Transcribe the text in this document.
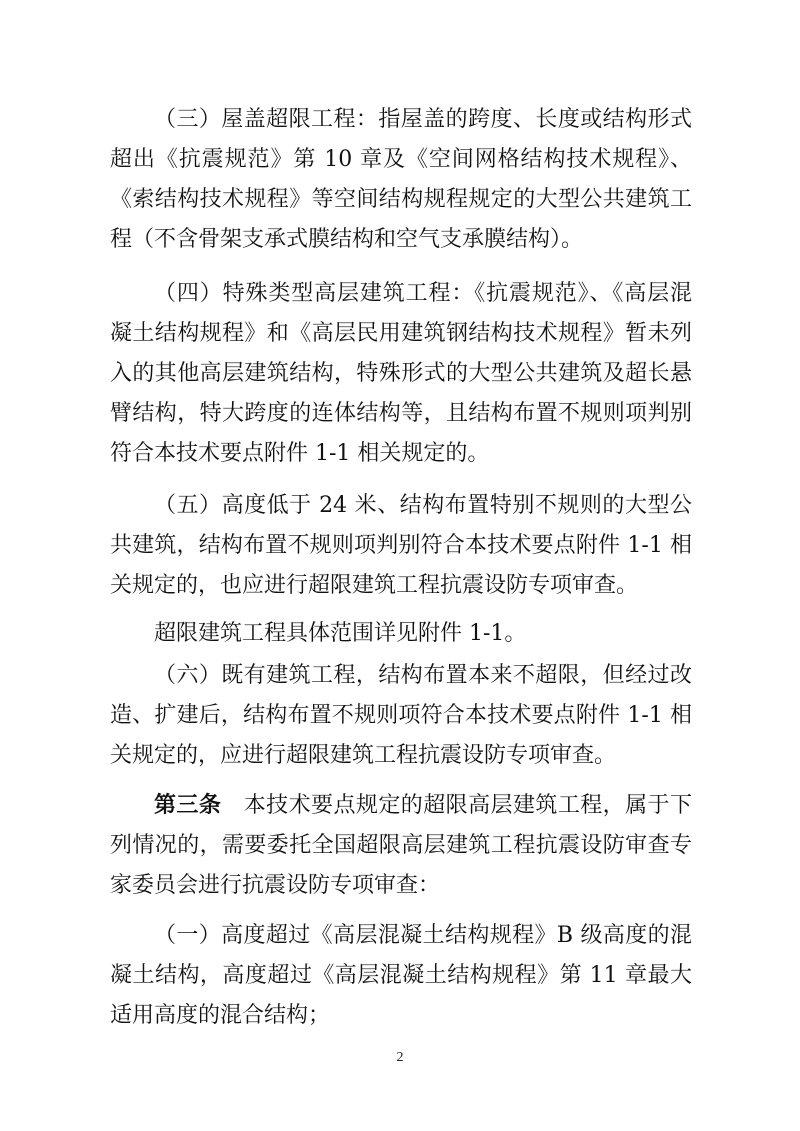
（三）屋盖超限工程：指屋盖的跨度、长度或结构形式超出《抗震规范》第 10 章及《空间网格结构技术规程》、《索结构技术规程》等空间结构规程规定的大型公共建筑工程（不含骨架支承式膜结构和空气支承膜结构）。

（四）特殊类型高层建筑工程：《抗震规范》、《高层混凝土结构规程》和《高层民用建筑钢结构技术规程》暂未列入的其他高层建筑结构，特殊形式的大型公共建筑及超长悬臂结构，特大跨度的连体结构等，且结构布置不规则项判别符合本技术要点附件 1-1 相关规定的。

（五）高度低于 24 米、结构布置特别不规则的大型公共建筑，结构布置不规则项判别符合本技术要点附件 1-1 相关规定的，也应进行超限建筑工程抗震设防专项审查。

超限建筑工程具体范围详见附件 1-1。

（六）既有建筑工程，结构布置本来不超限，但经过改造、扩建后，结构布置不规则项符合本技术要点附件 1-1 相关规定的，应进行超限建筑工程抗震设防专项审查。

第三条　本技术要点规定的超限高层建筑工程，属于下列情况的，需要委托全国超限高层建筑工程抗震设防审查专家委员会进行抗震设防专项审查：

（一）高度超过《高层混凝土结构规程》B 级高度的混凝土结构，高度超过《高层混凝土结构规程》第 11 章最大适用高度的混合结构；

2
